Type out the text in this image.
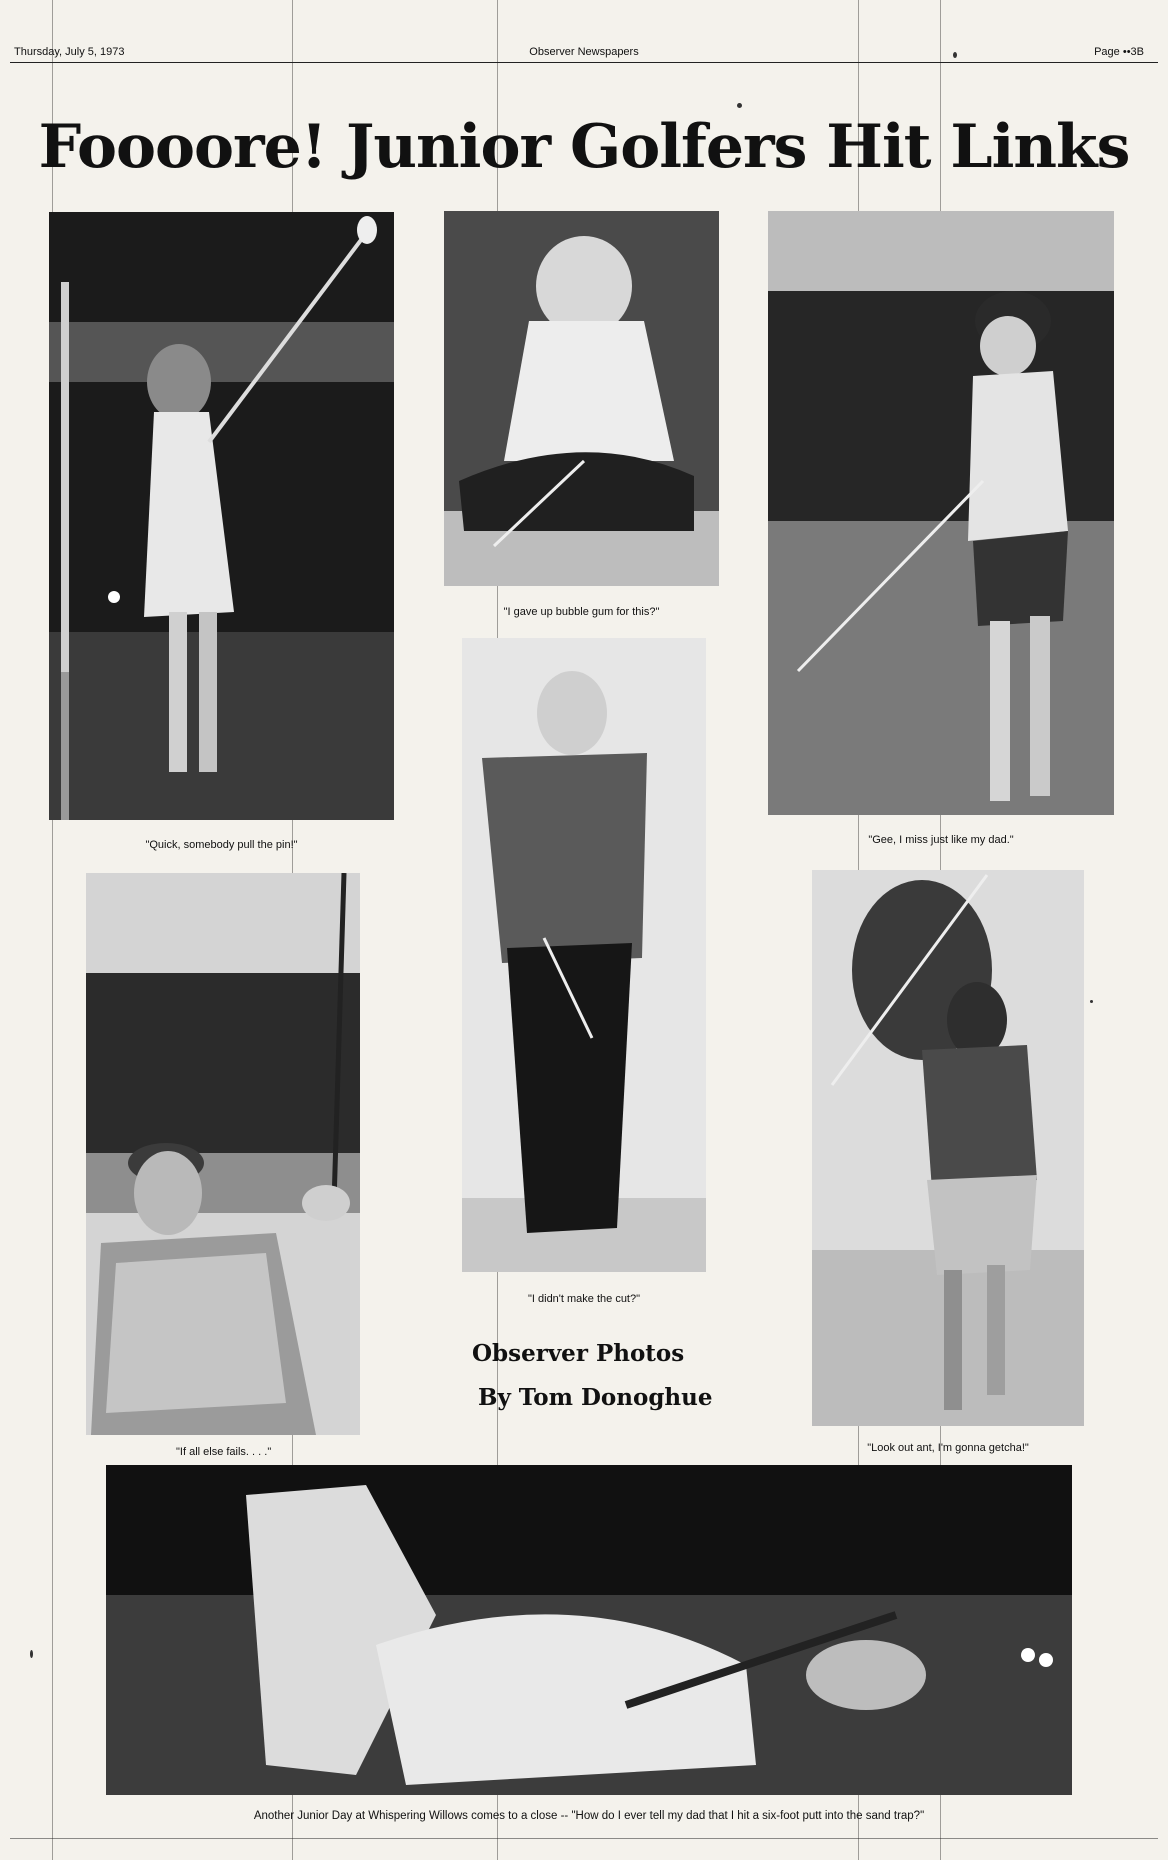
Thursday, July 5, 1973	Observer Newspapers	Page ••3B
Foooore! Junior Golfers Hit Links
"Quick, somebody pull the pin!"
"I gave up bubble gum for this?"
"Gee, I miss just like my dad."
"If all else fails. . . ."
"I didn't make the cut?"
"Look out ant, I'm gonna getcha!"
Observer Photos
By Tom Donoghue
Another Junior Day at Whispering Willows comes to a close -- "How do I ever tell my dad that I hit a six-foot putt into the sand trap?"
